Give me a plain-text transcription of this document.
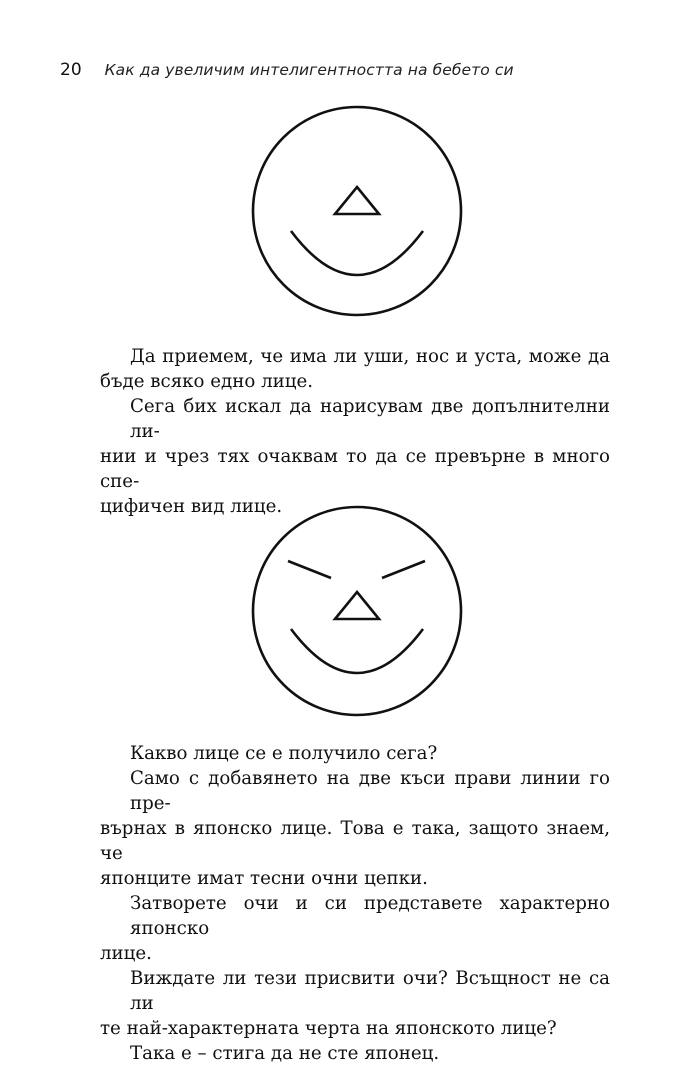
20 Как да увеличим интелигентността на бебето си
Да приемем, че има ли уши, нос и уста, може да
бъде всяко едно лице.
Сега бих искал да нарисувам две допълнителни ли-
нии и чрез тях очаквам то да се превърне в много спе-
цифичен вид лице.
Какво лице се е получило сега?
Само с добавянето на две къси прави линии го пре-
върнах в японско лице. Това е така, защото знаем, че
японците имат тесни очни цепки.
Затворете очи и си представете характерно японско
лице.
Виждате ли тези присвити очи? Всъщност не са ли
те най-характерната черта на японското лице?
Така е – стига да не сте японец.
